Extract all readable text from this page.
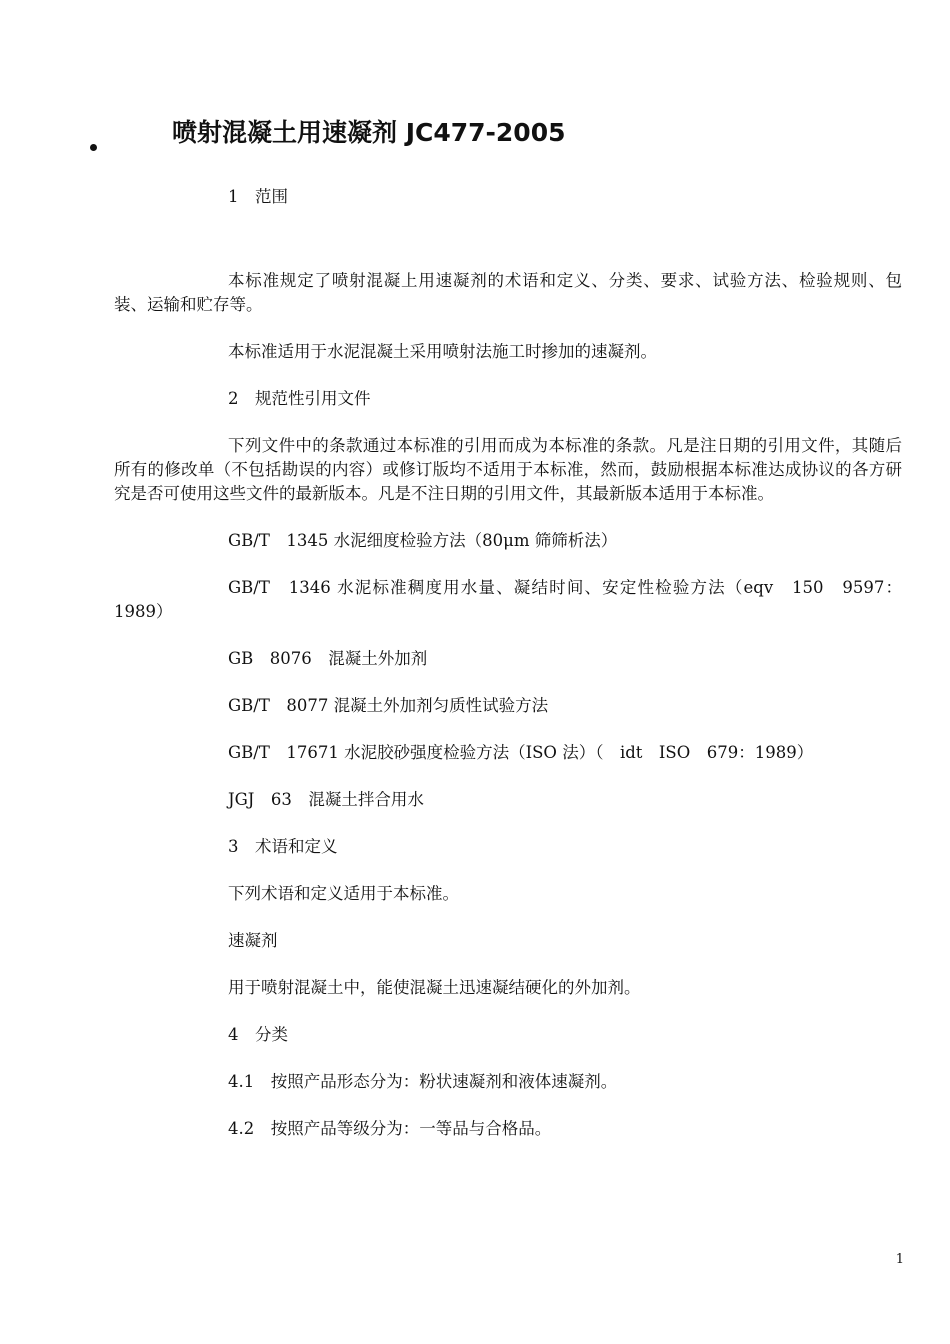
喷射混凝土用速凝剂 JC477-2005

1　范围

本标准规定了喷射混凝上用速凝剂的术语和定义、分类、要求、试验方法、检验规则、包装、运输和贮存等。

本标准适用于水泥混凝土采用喷射法施工时掺加的速凝剂。

2　规范性引用文件

下列文件中的条款通过本标准的引用而成为本标准的条款。凡是注日期的引用文件，其随后所有的修改单（不包括勘误的内容）或修订版均不适用于本标准，然而，鼓励根据本标准达成协议的各方研究是否可使用这些文件的最新版本。凡是不注日期的引用文件，其最新版本适用于本标准。

GB/T　1345 水泥细度检验方法（80μm 筛筛析法）

GB/T　1346 水泥标准稠度用水量、凝结时间、安定性检验方法（eqv　150　9597：1989）

GB　8076　混凝土外加剂

GB/T　8077 混凝土外加剂匀质性试验方法

GB/T　17671 水泥胶砂强度检验方法（ISO 法）（　idt　ISO　679：1989）

JGJ　63　混凝土拌合用水

3　术语和定义

下列术语和定义适用于本标准。

速凝剂

用于喷射混凝土中，能使混凝土迅速凝结硬化的外加剂。

4　分类

4.1　按照产品形态分为：粉状速凝剂和液体速凝剂。

4.2　按照产品等级分为：一等品与合格品。

1
